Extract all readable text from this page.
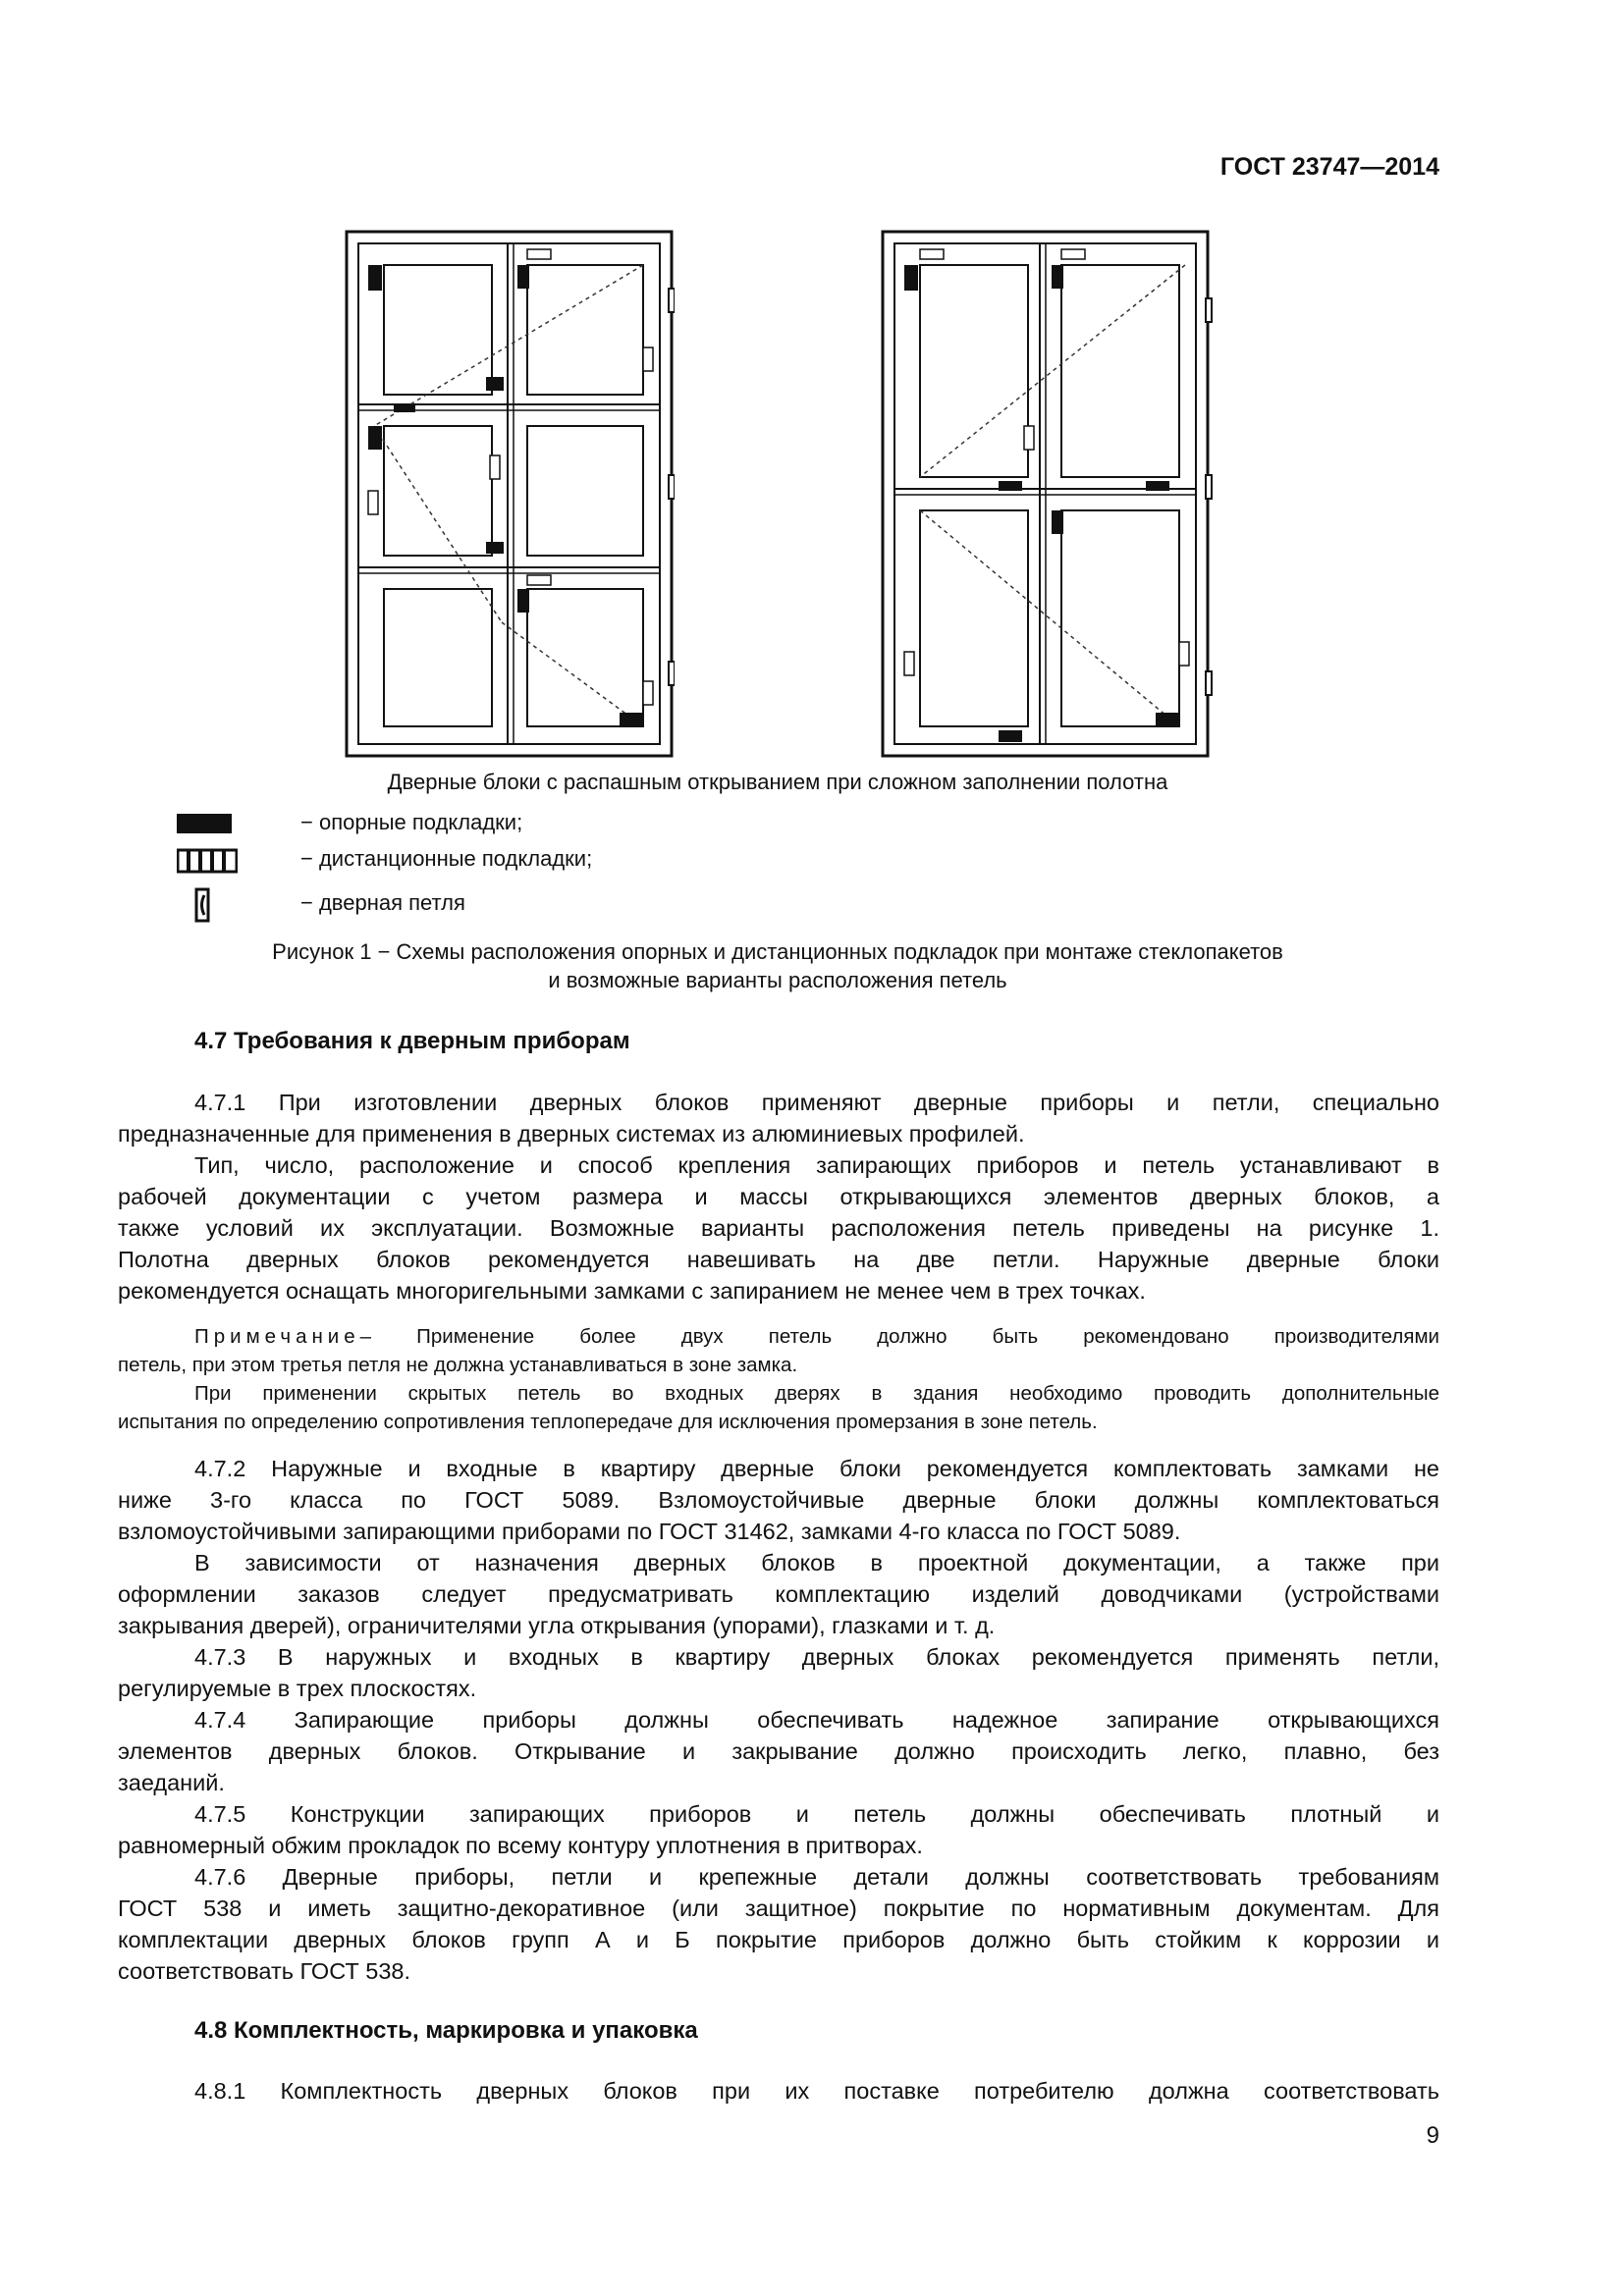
ГОСТ 23747—2014
Дверные блоки с распашным открыванием при сложном заполнении полотна
− опорные подкладки;
− дистанционные подкладки;
− дверная петля
Рисунок 1 − Схемы расположения опорных и дистанционных подкладок при монтаже стеклопакетов
и возможные варианты расположения петель
4.7 Требования к дверным приборам
4.7.1 При изготовлении дверных блоков применяют дверные приборы и петли, специально
предназначенные для применения в дверных системах из алюминиевых профилей.
Тип, число, расположение и способ крепления запирающих приборов и петель устанавливают в
рабочей документации с учетом размера и массы открывающихся элементов дверных блоков, а
также условий их эксплуатации. Возможные варианты расположения петель приведены на рисунке 1.
Полотна дверных блоков рекомендуется навешивать на две петли. Наружные дверные блоки
рекомендуется оснащать многоригельными замками с запиранием не менее чем в трех точках.
Примечание– Применение более двух петель должно быть рекомендовано производителями
петель, при этом третья петля не должна устанавливаться в зоне замка.
При применении скрытых петель во входных дверях в здания необходимо проводить дополнительные
испытания по определению сопротивления теплопередаче для исключения промерзания в зоне петель.
4.7.2 Наружные и входные в квартиру дверные блоки рекомендуется комплектовать замками не
ниже 3-го класса по ГОСТ 5089. Взломоустойчивые дверные блоки должны комплектоваться
взломоустойчивыми запирающими приборами по ГОСТ 31462, замками 4-го класса по ГОСТ 5089.
В зависимости от назначения дверных блоков в проектной документации, а также при
оформлении заказов следует предусматривать комплектацию изделий доводчиками (устройствами
закрывания дверей), ограничителями угла открывания (упорами), глазками и т. д.
4.7.3 В наружных и входных в квартиру дверных блоках рекомендуется применять петли,
регулируемые в трех плоскостях.
4.7.4 Запирающие приборы должны обеспечивать надежное запирание открывающихся
элементов дверных блоков. Открывание и закрывание должно происходить легко, плавно, без
заеданий.
4.7.5 Конструкции запирающих приборов и петель должны обеспечивать плотный и
равномерный обжим прокладок по всему контуру уплотнения в притворах.
4.7.6 Дверные приборы, петли и крепежные детали должны соответствовать требованиям
ГОСТ 538 и иметь защитно-декоративное (или защитное) покрытие по нормативным документам. Для
комплектации дверных блоков групп А и Б покрытие приборов должно быть стойким к коррозии и
соответствовать ГОСТ 538.
4.8 Комплектность, маркировка и упаковка
4.8.1 Комплектность дверных блоков при их поставке потребителю должна соответствовать
9
